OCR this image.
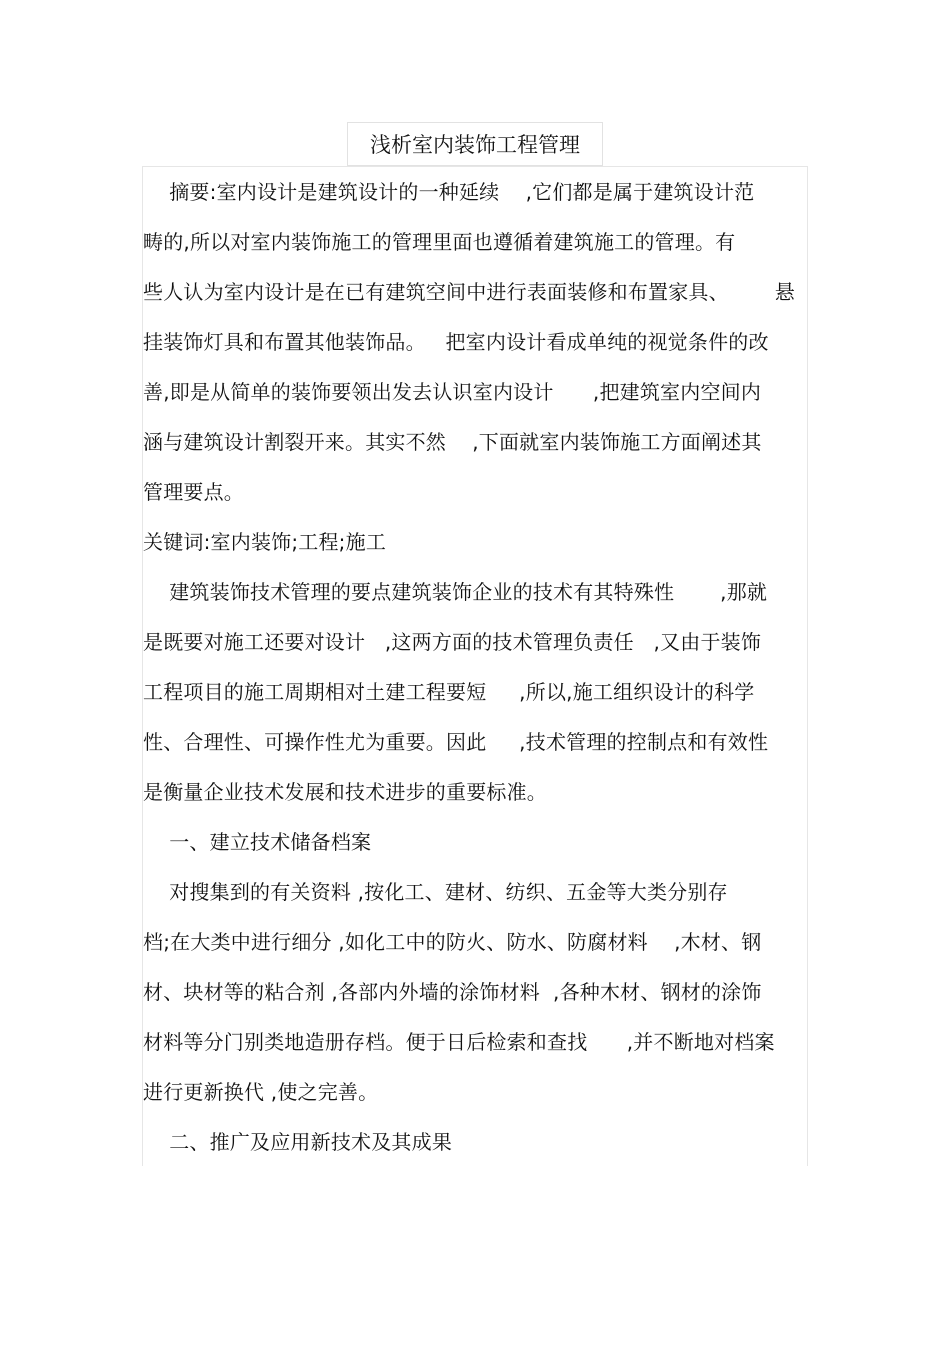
浅析室内装饰工程管理
摘要:室内设计是建筑设计的一种延续    ,它们都是属于建筑设计范
畴的,所以对室内装饰施工的管理里面也遵循着建筑施工的管理。有
些人认为室内设计是在已有建筑空间中进行表面装修和布置家具、       悬
挂装饰灯具和布置其他装饰品。   把室内设计看成单纯的视觉条件的改
善,即是从简单的装饰要领出发去认识室内设计      ,把建筑室内空间内
涵与建筑设计割裂开来。其实不然    ,下面就室内装饰施工方面阐述其
管理要点。
关键词:室内装饰;工程;施工
建筑装饰技术管理的要点建筑装饰企业的技术有其特殊性       ,那就
是既要对施工还要对设计   ,这两方面的技术管理负责任   ,又由于装饰
工程项目的施工周期相对土建工程要短     ,所以,施工组织设计的科学
性、合理性、可操作性尤为重要。因此     ,技术管理的控制点和有效性
是衡量企业技术发展和技术进步的重要标准。
一、建立技术储备档案
对搜集到的有关资料 ,按化工、建材、纺织、五金等大类分别存
档;在大类中进行细分 ,如化工中的防火、防水、防腐材料    ,木材、钢
材、块材等的粘合剂 ,各部内外墙的涂饰材料  ,各种木材、钢材的涂饰
材料等分门别类地造册存档。便于日后检索和查找      ,并不断地对档案
进行更新换代 ,使之完善。
二、推广及应用新技术及其成果
